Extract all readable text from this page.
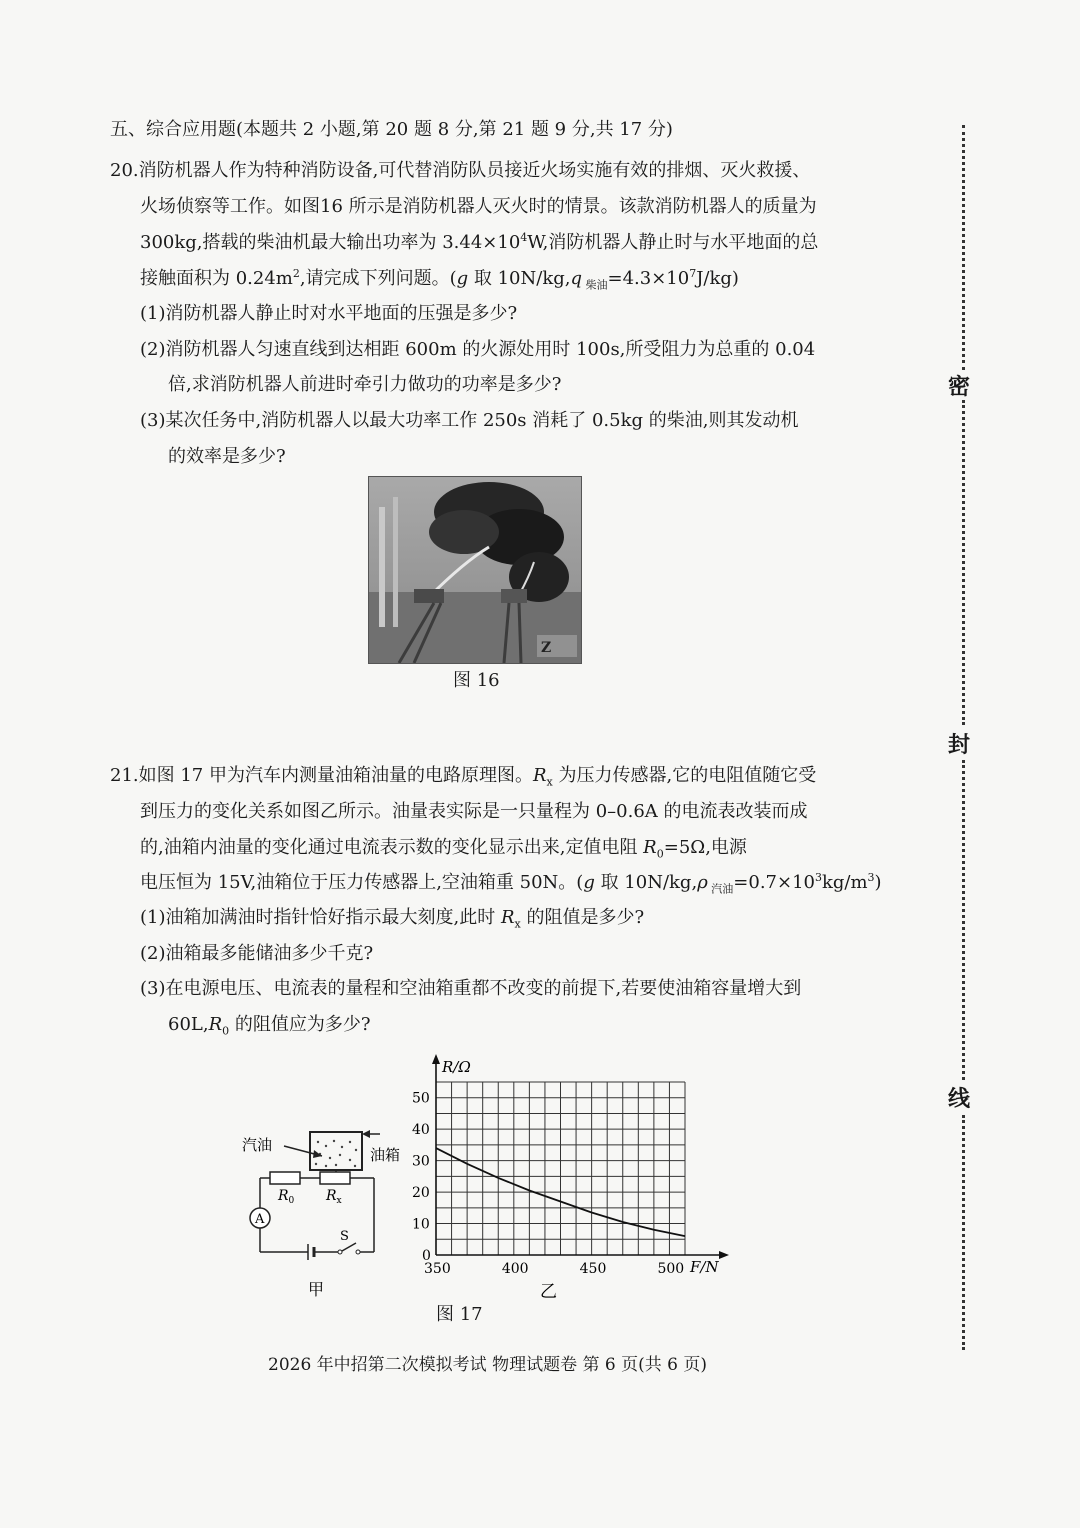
五、综合应用题(本题共 2 小题,第 20 题 8 分,第 21 题 9 分,共 17 分)
20.消防机器人作为特种消防设备,可代替消防队员接近火场实施有效的排烟、灭火救援、
火场侦察等工作。如图16 所示是消防机器人灭火时的情景。该款消防机器人的质量为
300kg,搭载的柴油机最大输出功率为 $3.44\times 10^4W$,消防机器人静止时与水平地面的总
接触面积为 $0.24m^2$,请完成下列问题。(g 取 10N/kg,q $_{柴油}=4.3\times 10^7J/kg$)
(1)消防机器人静止时对水平地面的压强是多少?
(2)消防机器人匀速直线到达相距 600m 的火源处用时 100s,所受阻力为总重的 0.04
倍,求消防机器人前进时牵引力做功的功率是多少?
(3)某次任务中,消防机器人以最大功率工作 250s 消耗了 0.5kg 的柴油,则其发动机
的效率是多少?
Z
图 16
21.如图 17 甲为汽车内测量油箱油量的电路原理图。$R_x$ 为压力传感器,它的电阻值随它受
到压力的变化关系如图乙所示。油量表实际是一只量程为 0–0.6A 的电流表改装而成
的,油箱内油量的变化通过电流表示数的变化显示出来,定值电阻 $R_0=5\Omega$,电源
电压恒为 15V,油箱位于压力传感器上,空油箱重 50N。(g 取 10N/kg,ρ $_{汽油}=0.7\times 10^3kg/m^3$)
(1)油箱加满油时指针恰好指示最大刻度,此时 $R_x$ 的阻值是多少?
(2)油箱最多能储油多少千克?
(3)在电源电压、电流表的量程和空油箱重都不改变的前提下,若要使油箱容量增大到
$60L,R_0$ 的阻值应为多少?
A
汽油
油箱
$R_0$ $R_x$
S
甲
350	400	450	500
0
10
20
30
40
50
R/Ω
F/N
乙
图 17
2026 年中招第二次模拟考试 物理试题卷 第 6 页(共 6 页)
密
封
线
